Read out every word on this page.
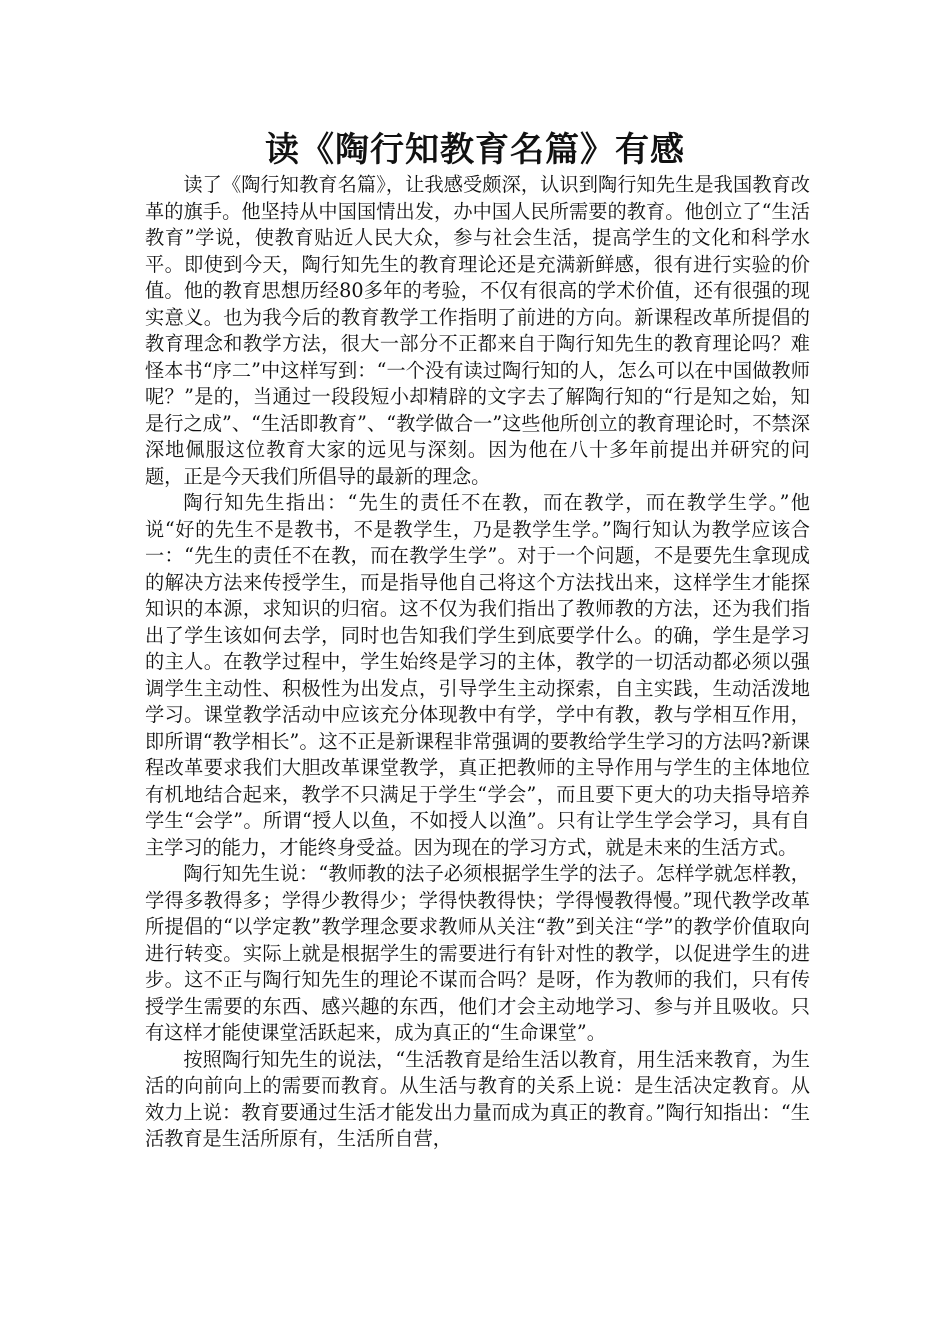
读《陶行知教育名篇》有感

读了《陶行知教育名篇》，让我感受颇深，认识到陶行知先生是我国教育改革的旗手。他坚持从中国国情出发，办中国人民所需要的教育。他创立了“生活教育”学说，使教育贴近人民大众，参与社会生活，提高学生的文化和科学水平。即使到今天，陶行知先生的教育理论还是充满新鲜感，很有进行实验的价值。他的教育思想历经80多年的考验，不仅有很高的学术价值，还有很强的现实意义。也为我今后的教育教学工作指明了前进的方向。新课程改革所提倡的教育理念和教学方法，很大一部分不正都来自于陶行知先生的教育理论吗？难怪本书“序二”中这样写到：“一个没有读过陶行知的人，怎么可以在中国做教师呢？”是的，当通过一段段短小却精辟的文字去了解陶行知的“行是知之始，知是行之成”、“生活即教育”、“教学做合一”这些他所创立的教育理论时，不禁深深地佩服这位教育大家的远见与深刻。因为他在八十多年前提出并研究的问题，正是今天我们所倡导的最新的理念。

陶行知先生指出：“先生的责任不在教，而在教学，而在教学生学。”他说“好的先生不是教书，不是教学生，乃是教学生学。”陶行知认为教学应该合一：“先生的责任不在教，而在教学生学”。对于一个问题，不是要先生拿现成的解决方法来传授学生，而是指导他自己将这个方法找出来，这样学生才能探知识的本源，求知识的归宿。这不仅为我们指出了教师教的方法，还为我们指出了学生该如何去学，同时也告知我们学生到底要学什么。的确，学生是学习的主人。在教学过程中，学生始终是学习的主体，教学的一切活动都必须以强调学生主动性、积极性为出发点，引导学生主动探索，自主实践，生动活泼地学习。课堂教学活动中应该充分体现教中有学，学中有教，教与学相互作用，即所谓“教学相长”。这不正是新课程非常强调的要教给学生学习的方法吗?新课程改革要求我们大胆改革课堂教学，真正把教师的主导作用与学生的主体地位有机地结合起来，教学不只满足于学生“学会”，而且要下更大的功夫指导培养学生“会学”。所谓“授人以鱼，不如授人以渔”。只有让学生学会学习，具有自主学习的能力，才能终身受益。因为现在的学习方式，就是未来的生活方式。

陶行知先生说：“教师教的法子必须根据学生学的法子。怎样学就怎样教，学得多教得多；学得少教得少；学得快教得快；学得慢教得慢。”现代教学改革所提倡的“以学定教”教学理念要求教师从关注“教”到关注“学”的教学价值取向进行转变。实际上就是根据学生的需要进行有针对性的教学，以促进学生的进步。这不正与陶行知先生的理论不谋而合吗？是呀，作为教师的我们，只有传授学生需要的东西、感兴趣的东西，他们才会主动地学习、参与并且吸收。只有这样才能使课堂活跃起来，成为真正的“生命课堂”。

按照陶行知先生的说法，“生活教育是给生活以教育，用生活来教育，为生活的向前向上的需要而教育。从生活与教育的关系上说：是生活决定教育。从效力上说：教育要通过生活才能发出力量而成为真正的教育。”陶行知指出：“生活教育是生活所原有，生活所自营，
